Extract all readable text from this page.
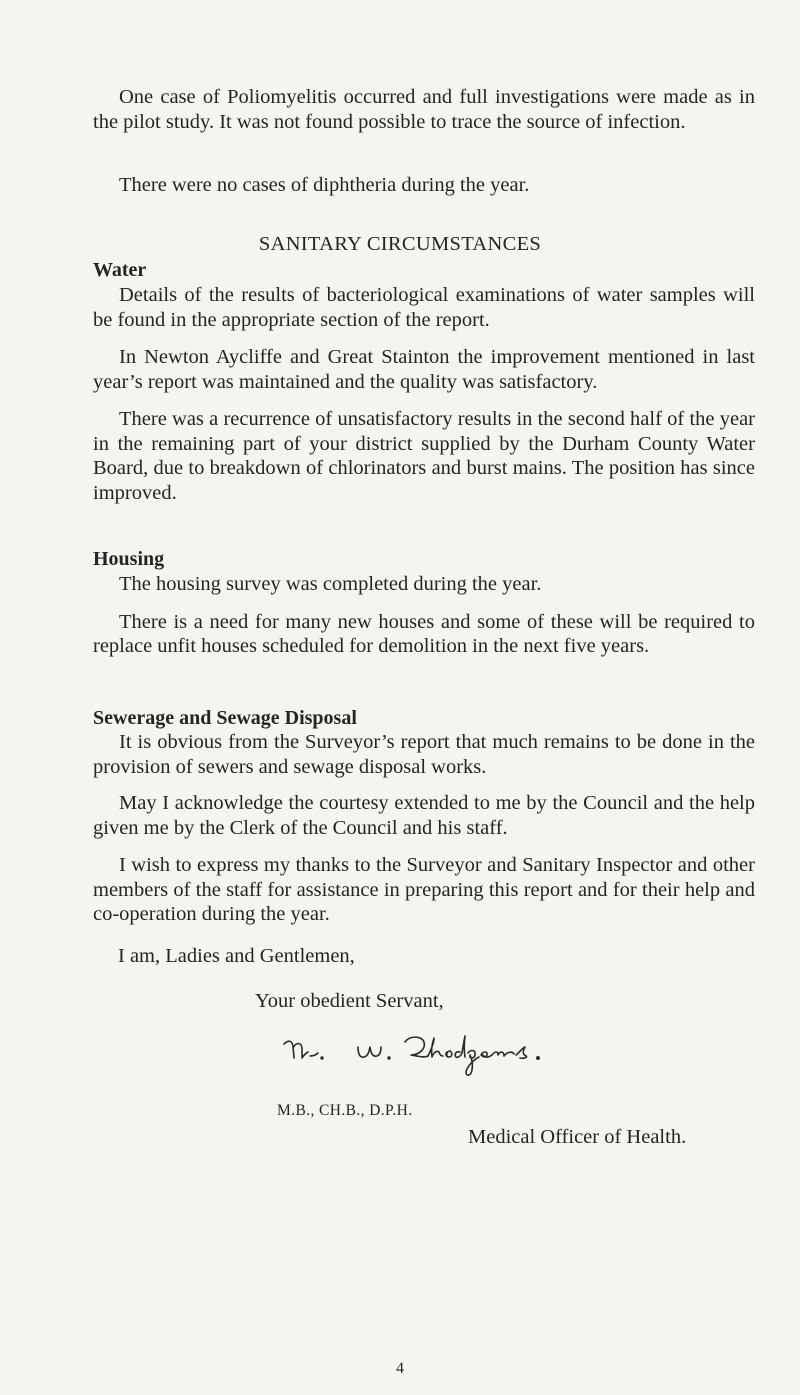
One case of Poliomyelitis occurred and full investigations were made as in the pilot study. It was not found possible to trace the source of infection.

There were no cases of diphtheria during the year.

SANITARY CIRCUMSTANCES
Water

Details of the results of bacteriological examinations of water samples will be found in the appropriate section of the report.

In Newton Aycliffe and Great Stainton the improvement mentioned in last year’s report was maintained and the quality was satisfactory.

There was a recurrence of unsatisfactory results in the second half of the year in the remaining part of your district supplied by the Durham County Water Board, due to breakdown of chlorinators and burst mains. The position has since improved.

Housing

The housing survey was completed during the year.

There is a need for many new houses and some of these will be required to replace unfit houses scheduled for demolition in the next five years.

Sewerage and Sewage Disposal

It is obvious from the Surveyor’s report that much remains to be done in the provision of sewers and sewage disposal works.

May I acknowledge the courtesy extended to me by the Council and the help given me by the Clerk of the Council and his staff.

I wish to express my thanks to the Surveyor and Sanitary Inspector and other members of the staff for assistance in preparing this report and for their help and co-operation during the year.

I am, Ladies and Gentlemen,
Your obedient Servant,
M.B., CH.B., D.P.H.
Medical Officer of Health.
4
